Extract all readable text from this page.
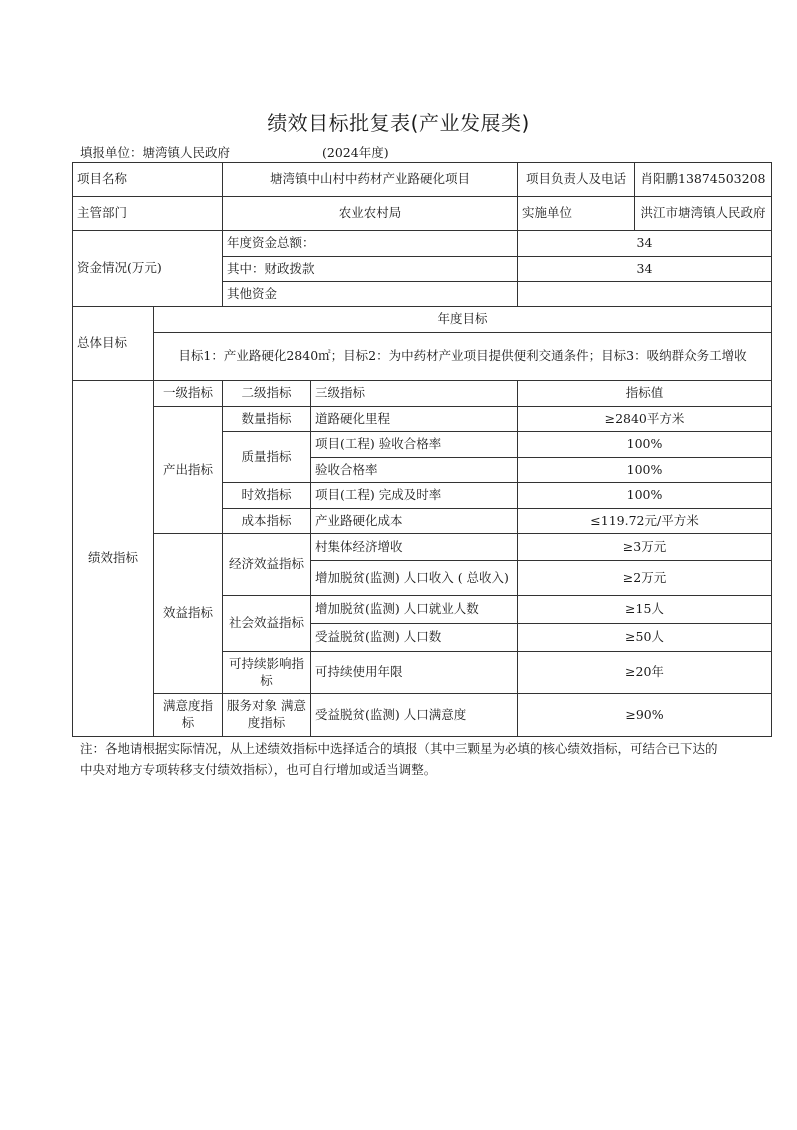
绩效目标批复表(产业发展类)
填报单位：塘湾镇人民政府	(2024年度)
项目名称		塘湾镇中山村中药材产业路硬化项目		项目负责人及电话	肖阳鹏13874503208
主管部门		农业农村局		实施单位	洪江市塘湾镇人民政府
资金情况(万元)		年度资金总额：		34	
		其中：财政拨款		34	
		其他资金			
总体目标	年度目标				
	目标1：产业路硬化2840㎡；目标2：为中药材产业项目提供便利交通条件；目标3：吸纳群众务工增收				
绩效指标	一级指标	二级指标	三级指标	指标值	
	产出指标	数量指标	道路硬化里程	≥2840平方米	
		质量指标	项目(工程) 验收合格率	100%	
			验收合格率	100%	
		时效指标	项目(工程) 完成及时率	100%	
		成本指标	产业路硬化成本	≤119.72元/平方米	
	效益指标	经济效益指标	村集体经济增收	≥3万元	
			增加脱贫(监测) 人口收入 ( 总收入)	≥2万元	
		社会效益指标	增加脱贫(监测) 人口就业人数	≥15人	
			受益脱贫(监测) 人口数	≥50人	
		可持续影响指标	可持续使用年限	≥20年	
	满意度指标	服务对象 满意度指标	受益脱贫(监测) 人口满意度	≥90%	
注：各地请根据实际情况，从上述绩效指标中选择适合的填报（其中三颗星为必填的核心绩效指标，可结合已下达的中央对地方专项转移支付绩效指标），也可自行增加或适当调整。
